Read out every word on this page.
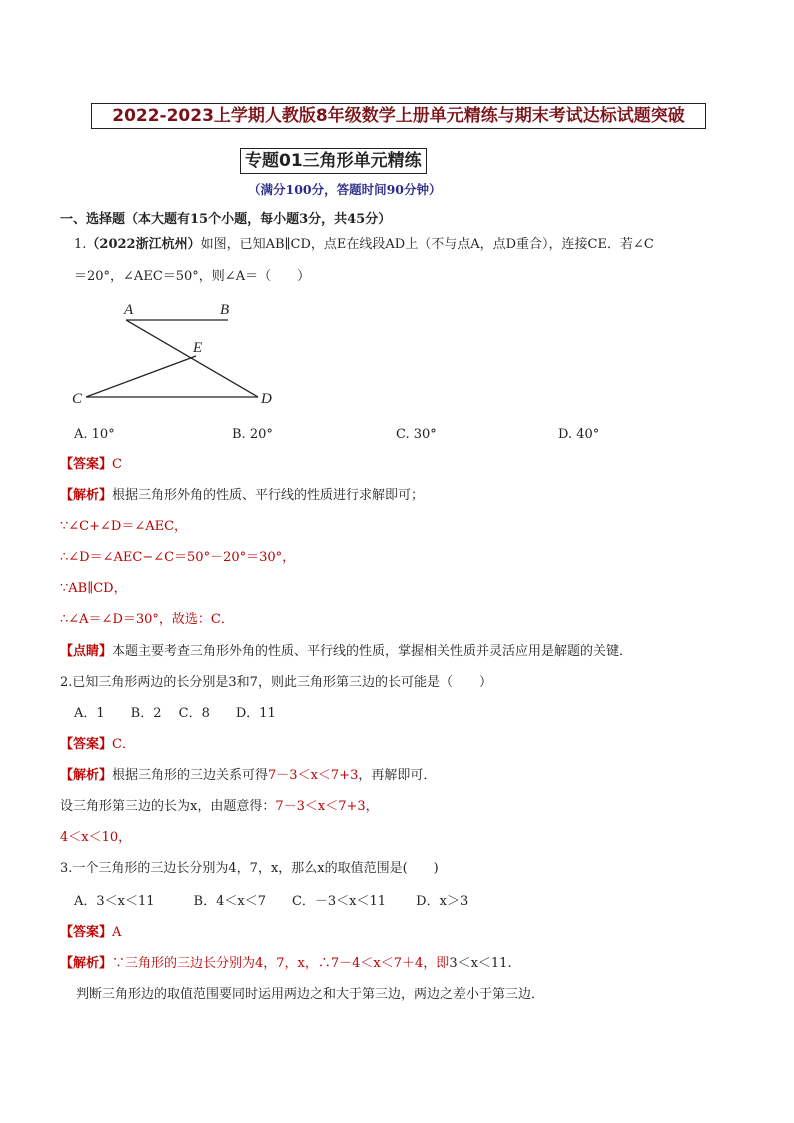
2022-2023上学期人教版8年级数学上册单元精练与期末考试达标试题突破
专题01三角形单元精练
（满分100分，答题时间90分钟）
一、选择题（本大题有15个小题，每小题3分，共45分）
1.（2022浙江杭州）如图，已知AB∥CD，点E在线段AD上（不与点A，点D重合），连接CE．若∠C
＝20°，∠AEC＝50°，则∠A＝（　　）
A	B
E
C	D
A. 10°	B. 20°	C. 30°	D. 40°
【答案】C
【解析】根据三角形外角的性质、平行线的性质进行求解即可；
∵∠C+∠D＝∠AEC，
∴∠D＝∠AEC−∠C＝50°－20°＝30°，
∵AB∥CD，
∴∠A＝∠D＝30°，故选：C．
【点睛】本题主要考查三角形外角的性质、平行线的性质，掌握相关性质并灵活应用是解题的关键．
2.已知三角形两边的长分别是3和7，则此三角形第三边的长可能是（　　）
A．1　　B．2　 C．8　　D．11
【答案】C．
【解析】根据三角形的三边关系可得7－3＜x＜7+3，再解即可．
设三角形第三边的长为x，由题意得：7－3＜x＜7+3，
4＜x＜10，
3.一个三角形的三边长分别为4，7，x，那么x的取值范围是(　　)
A．3＜x＜11　　　B．4＜x＜7　　C．－3＜x＜11　　 D．x＞3
【答案】A
【解析】∵三角形的三边长分别为4，7，x，∴7－4＜x＜7＋4，即3＜x＜11.
判断三角形边的取值范围要同时运用两边之和大于第三边，两边之差小于第三边．
